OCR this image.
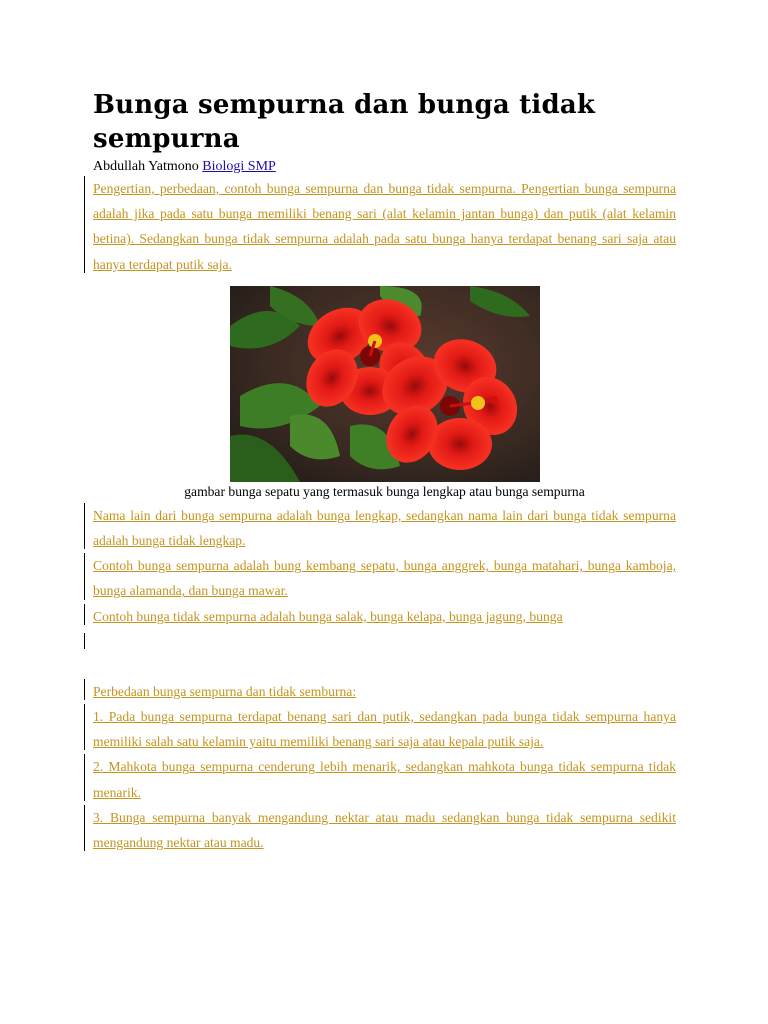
Bunga sempurna dan bunga tidak sempurna
Abdullah Yatmono Biologi SMP

Pengertian, perbedaan, contoh bunga sempurna dan bunga tidak sempurna. Pengertian bunga sempurna adalah jika pada satu bunga memiliki benang sari (alat kelamin jantan bunga) dan putik (alat kelamin betina). Sedangkan bunga tidak sempurna adalah pada satu bunga hanya terdapat benang sari saja atau hanya terdapat putik saja.

gambar bunga sepatu yang termasuk bunga lengkap atau bunga sempurna

Nama lain dari bunga sempurna adalah bunga lengkap, sedangkan nama lain dari bunga tidak sempurna adalah bunga tidak lengkap.

Contoh bunga sempurna adalah bung kembang sepatu, bunga anggrek, bunga matahari, bunga kamboja, bunga alamanda, dan bunga mawar.

Contoh bunga tidak sempurna adalah bunga salak, bunga kelapa, bunga jagung, bunga

Perbedaan bunga sempurna dan tidak semburna:

1. Pada bunga sempurna terdapat benang sari dan putik, sedangkan pada bunga tidak sempurna hanya memiliki salah satu kelamin yaitu memiliki benang sari saja atau kepala putik saja.

2. Mahkota bunga sempurna cenderung lebih menarik, sedangkan mahkota bunga tidak sempurna tidak menarik.

3. Bunga sempurna banyak mengandung nektar atau madu sedangkan bunga tidak sempurna sedikit mengandung nektar atau madu.
